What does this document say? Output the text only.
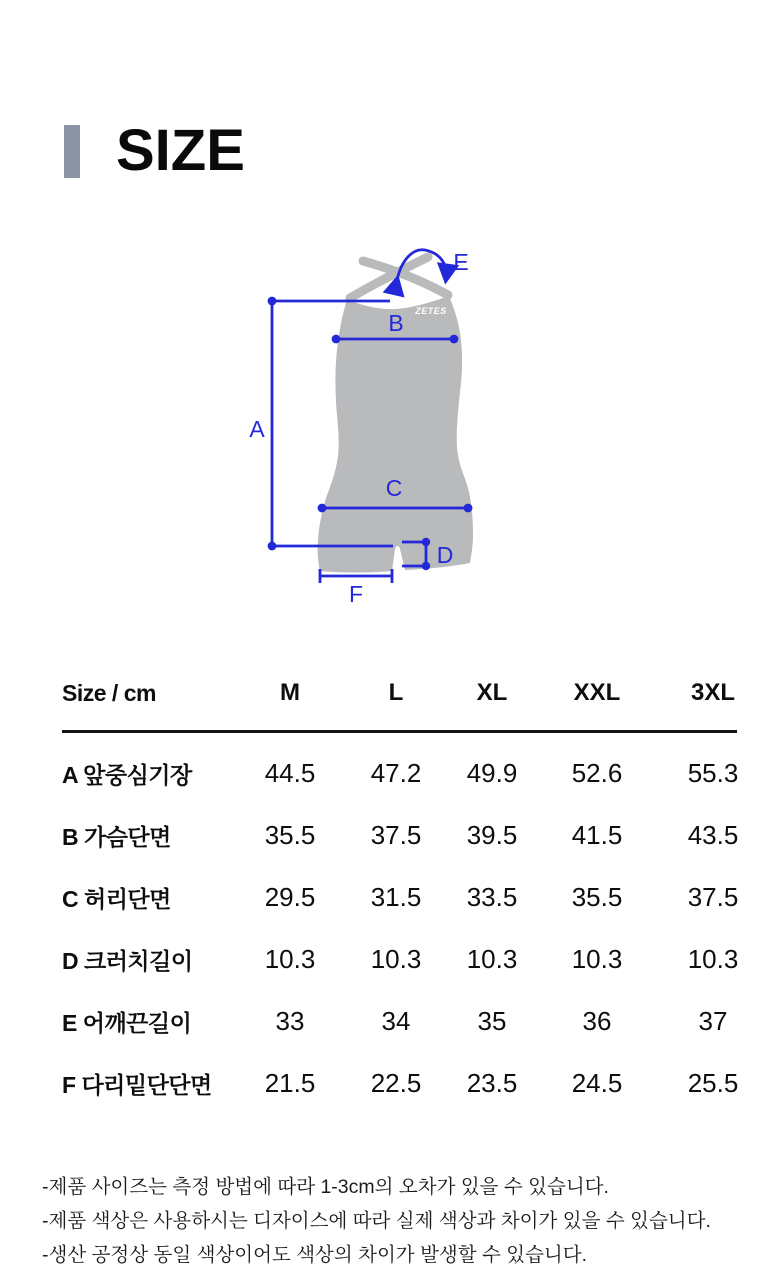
SIZE
ZETES
A
B
C
D
E
F
Size / cm	M	L	XL	XXL	3XL
A 앞중심기장	44.5	47.2	49.9	52.6	55.3
B 가슴단면	35.5	37.5	39.5	41.5	43.5
C 허리단면	29.5	31.5	33.5	35.5	37.5
D 크러치길이	10.3	10.3	10.3	10.3	10.3
E 어깨끈길이	33	34	35	36	37
F 다리밑단단면	21.5	22.5	23.5	24.5	25.5
-제품 사이즈는 측정 방법에 따라 1-3cm의 오차가 있을 수 있습니다.
-제품 색상은 사용하시는 디자이스에 따라 실제 색상과 차이가 있을 수 있습니다.
-생산 공정상 동일 색상이어도 색상의 차이가 발생할 수 있습니다.
